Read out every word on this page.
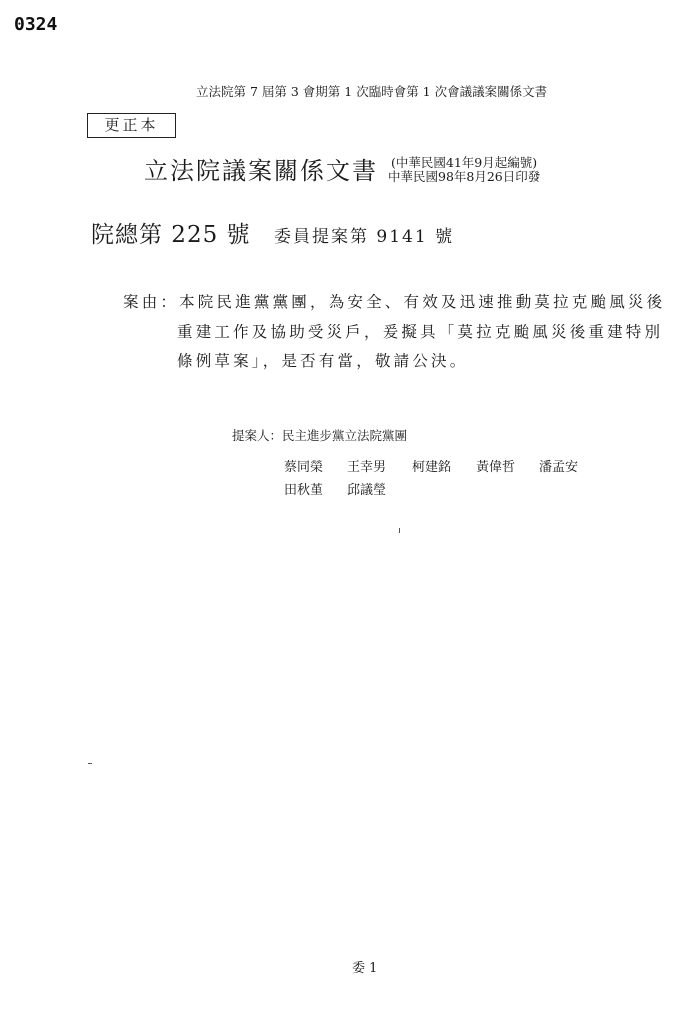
0324
立法院第 7 屆第 3 會期第 1 次臨時會第 1 次會議議案關係文書
更正本
立法院議案關係文書 (中華民國41年9月起編號)
中華民國98年8月26日印發
院總第 225 號 委員提案第 9141 號
案由：本院民進黨黨團，為安全、有效及迅速推動莫拉克颱風災後
重建工作及協助受災戶，爰擬具「莫拉克颱風災後重建特別
條例草案」，是否有當，敬請公決。
提案人：民主進步黨立法院黨團
蔡同榮 王幸男 柯建銘 黃偉哲 潘孟安
田秋堇 邱議瑩
委 1
